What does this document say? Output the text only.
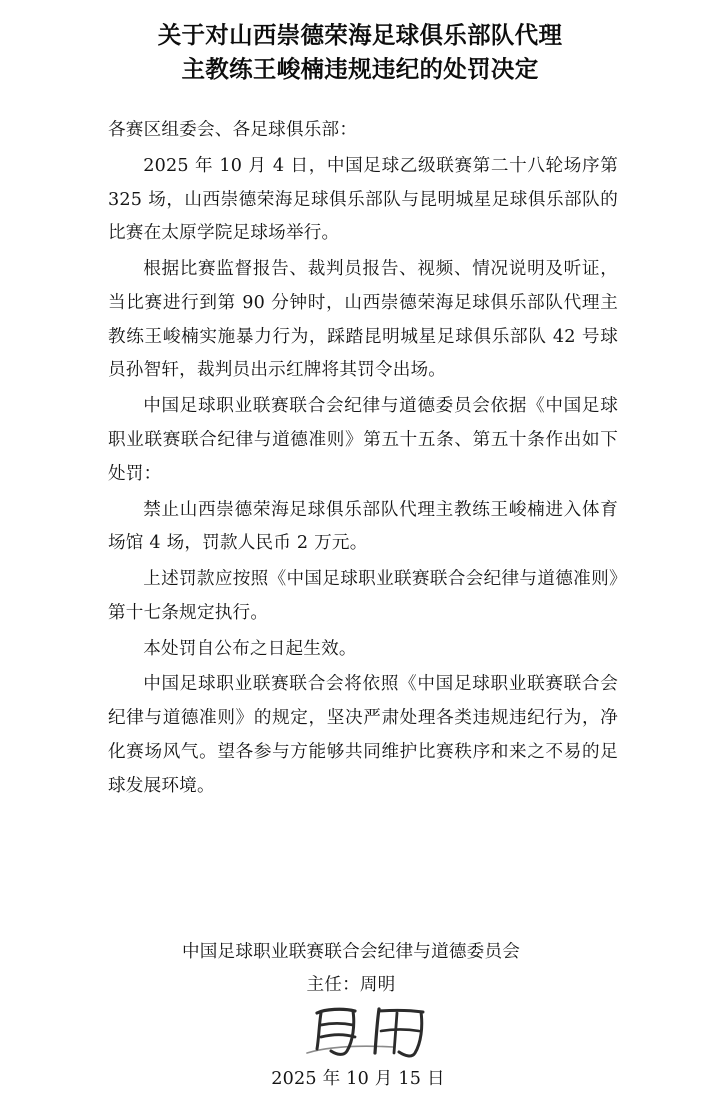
关于对山西崇德荣海足球俱乐部队代理
主教练王峻楠违规违纪的处罚决定

各赛区组委会、各足球俱乐部：

2025 年 10 月 4 日，中国足球乙级联赛第二十八轮场序第 325 场，山西崇德荣海足球俱乐部队与昆明城星足球俱乐部队的比赛在太原学院足球场举行。

根据比赛监督报告、裁判员报告、视频、情况说明及听证，当比赛进行到第 90 分钟时，山西崇德荣海足球俱乐部队代理主教练王峻楠实施暴力行为，踩踏昆明城星足球俱乐部队 42 号球员孙智轩，裁判员出示红牌将其罚令出场。

中国足球职业联赛联合会纪律与道德委员会依据《中国足球职业联赛联合纪律与道德准则》第五十五条、第五十条作出如下处罚：

禁止山西崇德荣海足球俱乐部队代理主教练王峻楠进入体育场馆 4 场，罚款人民币 2 万元。

上述罚款应按照《中国足球职业联赛联合会纪律与道德准则》第十七条规定执行。

本处罚自公布之日起生效。

中国足球职业联赛联合会将依照《中国足球职业联赛联合会纪律与道德准则》的规定，坚决严肃处理各类违规违纪行为，净化赛场风气。望各参与方能够共同维护比赛秩序和来之不易的足球发展环境。

中国足球职业联赛联合会纪律与道德委员会
主任：周明
2025 年 10 月 15 日
